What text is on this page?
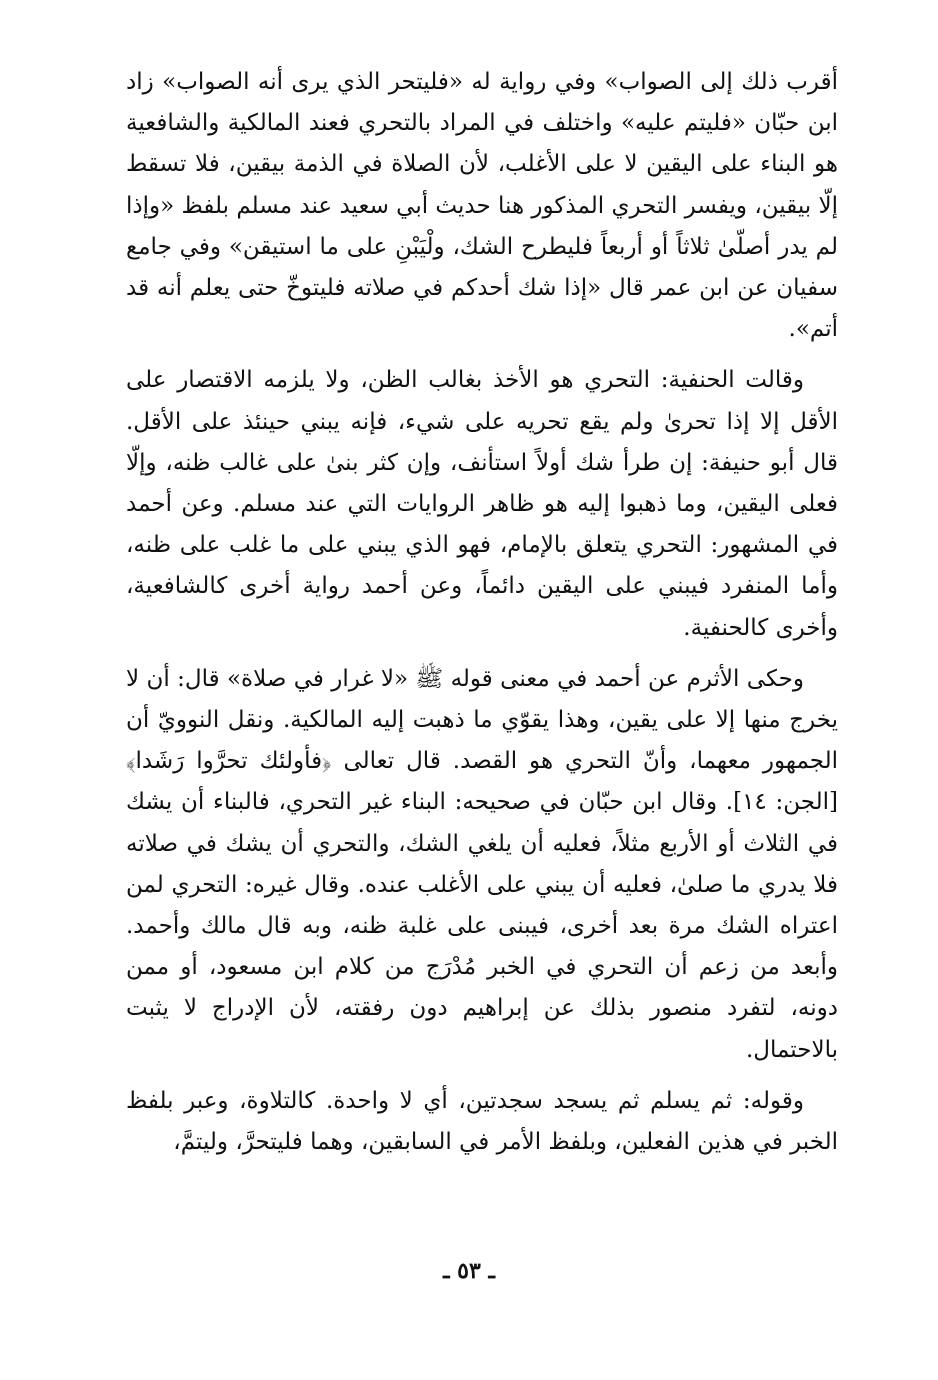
أقرب ذلك إلى الصواب» وفي رواية له «فليتحر الذي يرى أنه الصواب» زاد ابن حبّان «فليتم عليه» واختلف في المراد بالتحري فعند المالكية والشافعية هو البناء على اليقين لا على الأغلب، لأن الصلاة في الذمة بيقين، فلا تسقط إلّا بيقين، ويفسر التحري المذكور هنا حديث أبي سعيد عند مسلم بلفظ «وإذا لم يدر أصلّىٰ ثلاثاً أو أربعاً فليطرح الشك، ولْيَبْنِ على ما استيقن» وفي جامع سفيان عن ابن عمر قال «إذا شك أحدكم في صلاته فليتوخّ حتى يعلم أنه قد أتم».

وقالت الحنفية: التحري هو الأخذ بغالب الظن، ولا يلزمه الاقتصار على الأقل إلا إذا تحرىٰ ولم يقع تحريه على شيء، فإنه يبني حينئذ على الأقل. قال أبو حنيفة: إن طرأ شك أولاً استأنف، وإن كثر بنىٰ على غالب ظنه، وإلّا فعلى اليقين، وما ذهبوا إليه هو ظاهر الروايات التي عند مسلم. وعن أحمد في المشهور: التحري يتعلق بالإمام، فهو الذي يبني على ما غلب على ظنه، وأما المنفرد فيبني على اليقين دائماً، وعن أحمد رواية أخرى كالشافعية، وأخرى كالحنفية.

وحكى الأثرم عن أحمد في معنى قوله ﷺ «لا غرار في صلاة» قال: أن لا يخرج منها إلا على يقين، وهذا يقوّي ما ذهبت إليه المالكية. ونقل النوويّ أن الجمهور معهما، وأنّ التحري هو القصد. قال تعالى ﴿فأولئك تحرَّوا رَشَدا﴾ [الجن: ١٤]. وقال ابن حبّان في صحيحه: البناء غير التحري، فالبناء أن يشك في الثلاث أو الأربع مثلاً، فعليه أن يلغي الشك، والتحري أن يشك في صلاته فلا يدري ما صلىٰ، فعليه أن يبني على الأغلب عنده. وقال غيره: التحري لمن اعتراه الشك مرة بعد أخرى، فيبنى على غلبة ظنه، وبه قال مالك وأحمد. وأبعد من زعم أن التحري في الخبر مُدْرَج من كلام ابن مسعود، أو ممن دونه، لتفرد منصور بذلك عن إبراهيم دون رفقته، لأن الإدراج لا يثبت بالاحتمال.

وقوله: ثم يسلم ثم يسجد سجدتين، أي لا واحدة. كالتلاوة، وعبر بلفظ الخبر في هذين الفعلين، وبلفظ الأمر في السابقين، وهما فليتحرَّ، وليتمَّ،

ـ ٥٣ ـ
